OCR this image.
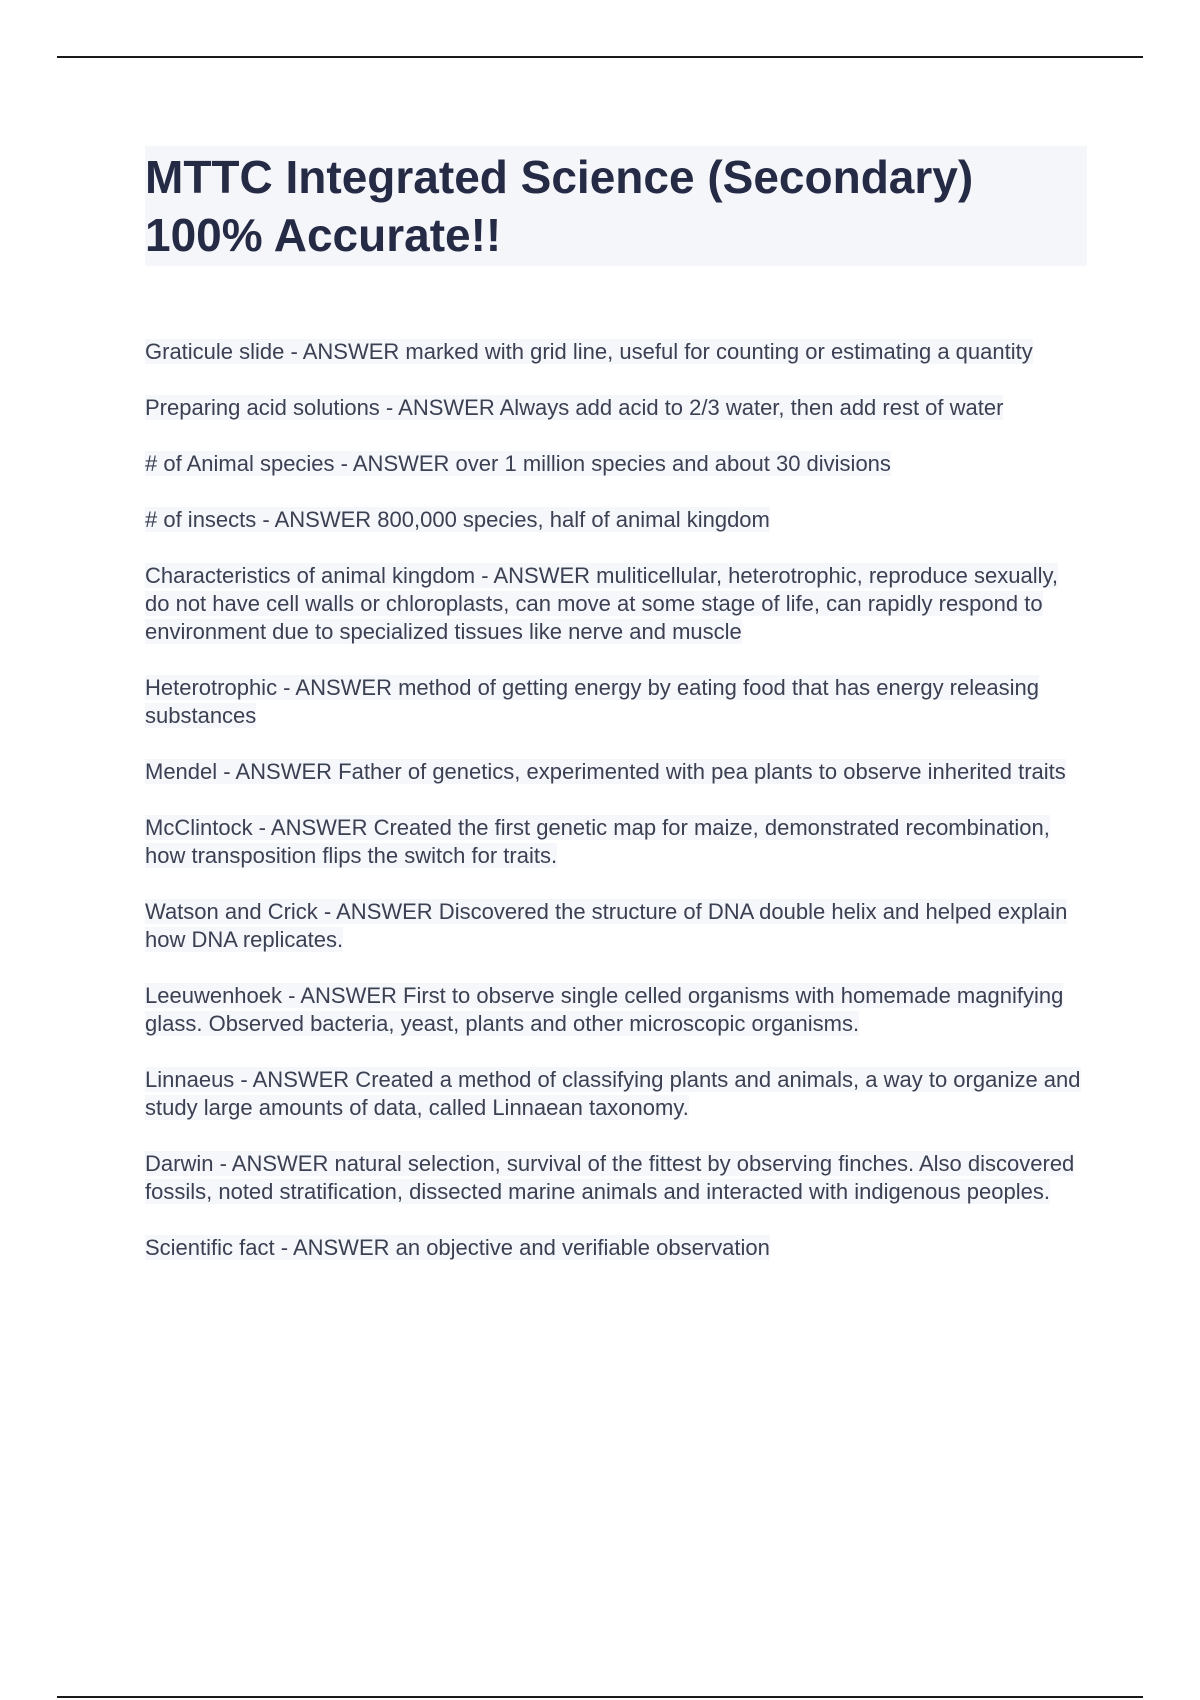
MTTC Integrated Science (Secondary)
100% Accurate!!
Graticule slide - ANSWER marked with grid line, useful for counting or estimating a quantity
Preparing acid solutions - ANSWER Always add acid to 2/3 water, then add rest of water
# of Animal species - ANSWER over 1 million species and about 30 divisions
# of insects - ANSWER 800,000 species, half of animal kingdom
Characteristics of animal kingdom - ANSWER muliticellular, heterotrophic, reproduce sexually, do not have cell walls or chloroplasts, can move at some stage of life, can rapidly respond to environment due to specialized tissues like nerve and muscle
Heterotrophic - ANSWER method of getting energy by eating food that has energy releasing substances
Mendel - ANSWER Father of genetics, experimented with pea plants to observe inherited traits
McClintock - ANSWER Created the first genetic map for maize, demonstrated recombination, how transposition flips the switch for traits.
Watson and Crick - ANSWER Discovered the structure of DNA double helix and helped explain how DNA replicates.
Leeuwenhoek - ANSWER First to observe single celled organisms with homemade magnifying glass. Observed bacteria, yeast, plants and other microscopic organisms.
Linnaeus - ANSWER Created a method of classifying plants and animals, a way to organize and study large amounts of data, called Linnaean taxonomy.
Darwin - ANSWER natural selection, survival of the fittest by observing finches. Also discovered fossils, noted stratification, dissected marine animals and interacted with indigenous peoples.
Scientific fact - ANSWER an objective and verifiable observation
